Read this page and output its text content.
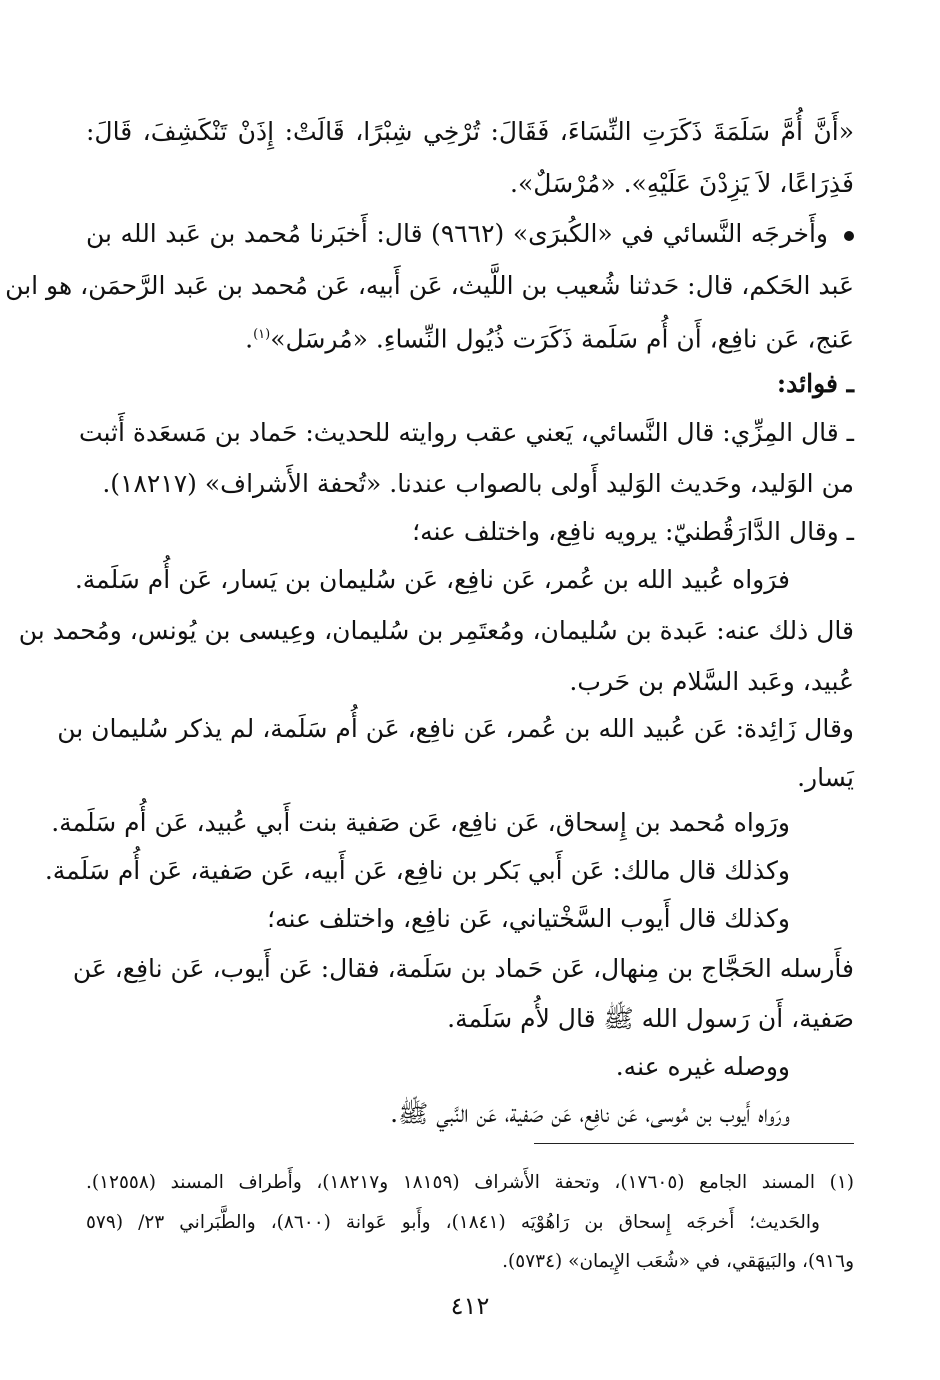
«أَنَّ أُمَّ سَلَمَةَ ذَكَرَتِ النِّسَاءَ، فَقَالَ: تُرْخِي شِبْرًا، قَالَتْ: إِذَنْ تَنْكَشِفَ، قَالَ:
فَذِرَاعًا، لاَ يَزِدْنَ عَلَيْهِ». «مُرْسَلٌ».
وأَخرجَه النَّسائي في «الكُبرَى» (٩٦٦٢) قال: أَخبَرنا مُحمد بن عَبد الله بن
عَبد الحَكم، قال: حَدثنا شُعيب بن اللَّيث، عَن أَبيه، عَن مُحمد بن عَبد الرَّحمَن، هو ابن
عَنج، عَن نافِع، أَن أُم سَلَمة ذَكَرَت ذُيُول النِّساءِ. «مُرسَل»$^{(١)}$.
ـ فوائد:
ـ قال المِزِّي: قال النَّسائي، يَعني عقب روايته للحديث: حَماد بن مَسعَدة أَثبت
من الوَليد، وحَديث الوَليد أَولى بالصواب عندنا. «تُحفة الأَشراف» (١٨٢١٧).
ـ وقال الدَّارَقُطنيّ: يرويه نافِع، واختلف عنه؛
فرَواه عُبيد الله بن عُمر، عَن نافِع، عَن سُليمان بن يَسار، عَن أُم سَلَمة.
قال ذلك عنه: عَبدة بن سُليمان، ومُعتَمِر بن سُليمان، وعِيسى بن يُونس، ومُحمد بن
عُبيد، وعَبد السَّلام بن حَرب.
وقال زَائِدة: عَن عُبيد الله بن عُمر، عَن نافِع، عَن أُم سَلَمة، لم يذكر سُليمان بن
يَسار.
ورَواه مُحمد بن إِسحاق، عَن نافِع، عَن صَفية بنت أَبي عُبيد، عَن أُم سَلَمة.
وكذلك قال مالك: عَن أَبي بَكر بن نافِع، عَن أَبيه، عَن صَفية، عَن أُم سَلَمة.
وكذلك قال أَيوب السَّخْتياني، عَن نافِع، واختلف عنه؛
فأَرسله الحَجَّاج بن مِنهال، عَن حَماد بن سَلَمة، فقال: عَن أَيوب، عَن نافِع، عَن
صَفية، أَن رَسول الله ﷺ قال لأُم سَلَمة.
ووصله غيره عنه.
ورَواه أَيوب بن مُوسى، عَن نافِع، عَن صَفية، عَن النَّبي ﷺ.
(١) المسند الجامع (١٧٦٠٥)، وتحفة الأَشراف (١٨١٥٩ و١٨٢١٧)، وأَطراف المسند (١٢٥٥٨).
والحَديث؛ أَخرجَه إِسحاق بن رَاهُوْيَه (١٨٤١)، وأَبو عَوانة (٨٦٠٠)، والطَّبَراني ٢٣/ (٥٧٩
و٩١٦)، والبَيهَقي، في «شُعَب الإِيمان» (٥٧٣٤).
٤١٢
